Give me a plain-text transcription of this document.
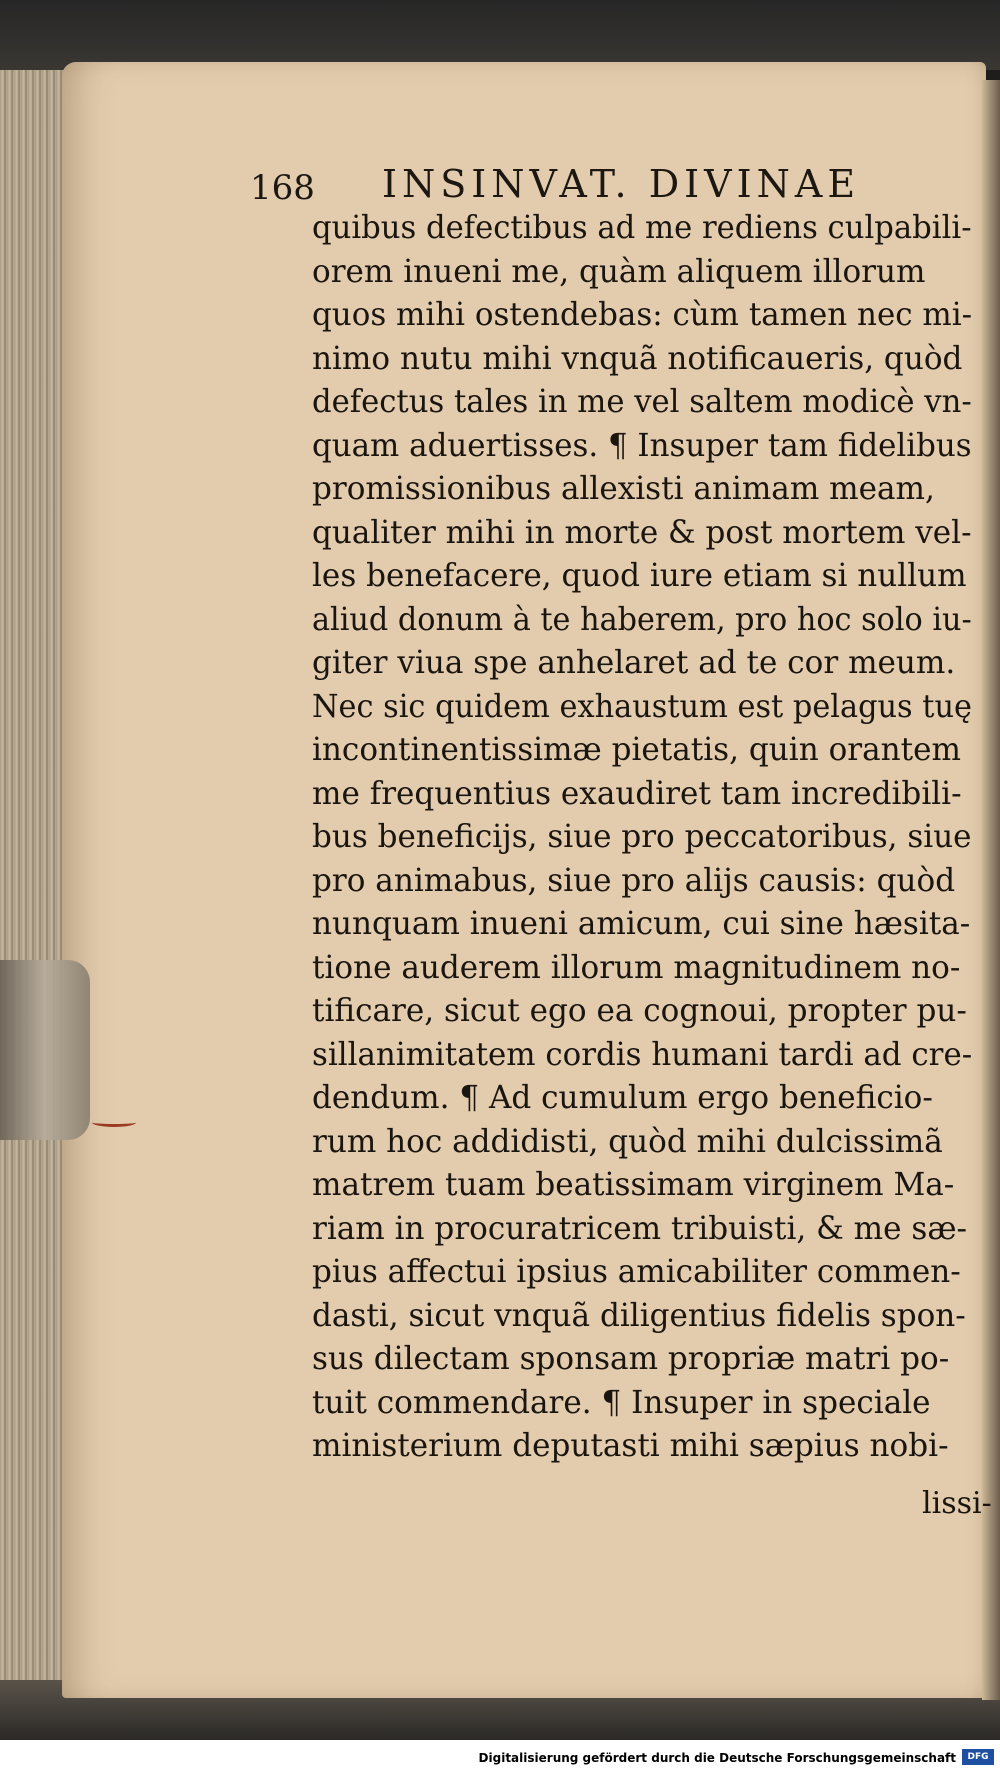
168 INSINVAT. DIVINAE
quibus defectibus ad me rediens culpabili-
orem inueni me, quàm aliquem illorum
quos mihi ostendebas: cùm tamen nec mi-
nimo nutu mihi vnquã notificaueris, quòd
defectus tales in me vel saltem modicè vn-
quam aduertisses. ¶ Insuper tam fidelibus
promissionibus allexisti animam meam,
qualiter mihi in morte & post mortem vel-
les benefacere, quod iure etiam si nullum
aliud donum à te haberem, pro hoc solo iu-
giter viua spe anhelaret ad te cor meum.
Nec sic quidem exhaustum est pelagus tuę
incontinentissimæ pietatis, quin orantem
me frequentius exaudiret tam incredibili-
bus beneficijs, siue pro peccatoribus, siue
pro animabus, siue pro alijs causis: quòd
nunquam inueni amicum, cui sine hæsita-
tione auderem illorum magnitudinem no-
tificare, sicut ego ea cognoui, propter pu-
sillanimitatem cordis humani tardi ad cre-
dendum. ¶ Ad cumulum ergo beneficio-
rum hoc addidisti, quòd mihi dulcissimã
matrem tuam beatissimam virginem Ma-
riam in procuratricem tribuisti, & me sæ-
pius affectui ipsius amicabiliter commen-
dasti, sicut vnquã diligentius fidelis spon-
sus dilectam sponsam propriæ matri po-
tuit commendare. ¶ Insuper in speciale
ministerium deputasti mihi sæpius nobi-
lissi-
Digitalisierung gefördert durch die Deutsche Forschungsgemeinschaft	DFG
